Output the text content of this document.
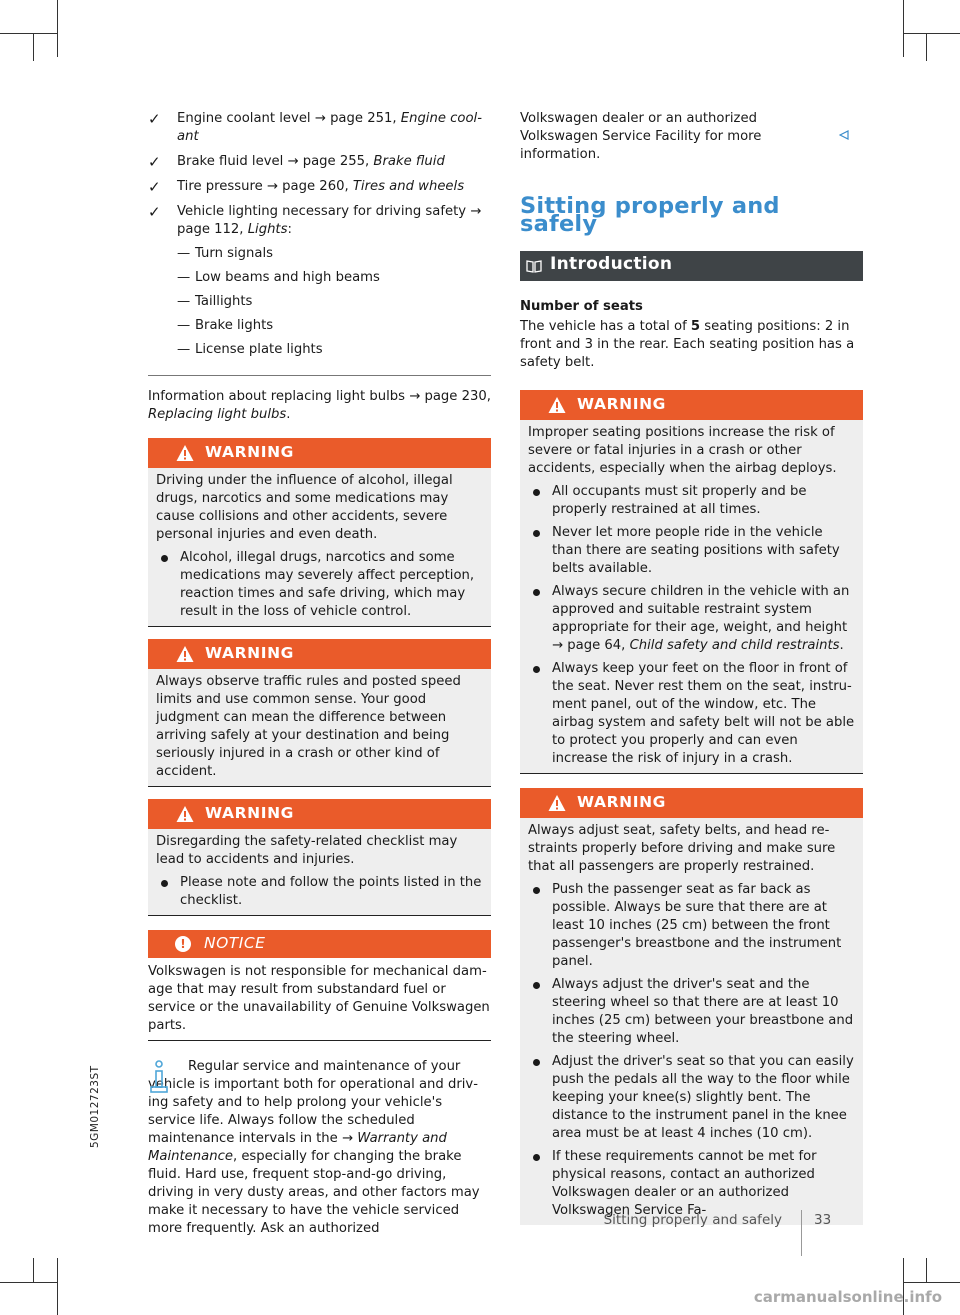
✓ Engine coolant level → page 251, Engine coolant
✓ Brake fluid level → page 255, Brake fluid
✓ Tire pressure → page 260, Tires and wheels
✓ Vehicle lighting necessary for driving safety → page 112, Lights:
— Turn signals
— Low beams and high beams
— Taillights
— Brake lights
— License plate lights
Information about replacing light bulbs → page 230,
Replacing light bulbs.
WARNING

Driving under the influence of alcohol, illegal drugs, narcotics and some medications may cause collisions and other accidents, severe personal injuries and even death.

Alcohol, illegal drugs, narcotics and some medications may severely affect perception, reaction times and safe driving, which may result in the loss of vehicle control.
WARNING

Always observe traffic rules and posted speed limits and use common sense. Your good judgment can mean the difference between arriving safely at your destination and being seriously injured in a crash or other kind of accident.

WARNING

Disregarding the safety-related checklist may lead to accidents and injuries.

Please note and follow the points listed in the checklist.
!	NOTICE
Volkswagen is not responsible for mechanical damage that may result from substandard fuel or service or the unavailability of Genuine Volkswagen parts.

Regular service and maintenance of your vehicle is important both for operational and driving safety and to help prolong your vehicle's service life. Always follow the scheduled maintenance intervals in the → Warranty and Maintenance, especially for changing the brake fluid. Hard use, frequent stop-and-go driving, driving in very dusty areas, and other factors may make it necessary to have the vehicle serviced more frequently. Ask an authorized

Volkswagen dealer or an authorized Volkswagen Service Facility for more information.
Sitting properly and safely
Introduction
Number of seats
The vehicle has a total of 5 seating positions: 2 in front and 3 in the rear. Each seating position has a safety belt.
WARNING

Improper seating positions increase the risk of severe or fatal injuries in a crash or other accidents, especially when the airbag deploys.

All occupants must sit properly and be properly restrained at all times.
Never let more people ride in the vehicle than there are seating positions with safety belts available.
Always secure children in the vehicle with an approved and suitable restraint system appropriate for their age, weight, and height → page 64, Child safety and child restraints.
Always keep your feet on the floor in front of the seat. Never rest them on the seat, instrument panel, out of the window, etc. The airbag system and safety belt will not be able to protect you properly and can even increase the risk of injury in a crash.
WARNING

Always adjust seat, safety belts, and head restraints properly before driving and make sure that all passengers are properly restrained.

Push the passenger seat as far back as possible. Always be sure that there are at least 10 inches (25 cm) between the front passenger's breastbone and the instrument panel.
Always adjust the driver's seat and the steering wheel so that there are at least 10 inches (25 cm) between your breastbone and the steering wheel.
Adjust the driver's seat so that you can easily push the pedals all the way to the floor while keeping your knee(s) slightly bent. The distance to the instrument panel in the knee area must be at least 4 inches (10 cm).
If these requirements cannot be met for physical reasons, contact an authorized Volkswagen dealer or an authorized Volkswagen Service Fa-
5GM012723ST
Sitting properly and safely 33
carmanualsonline.info
